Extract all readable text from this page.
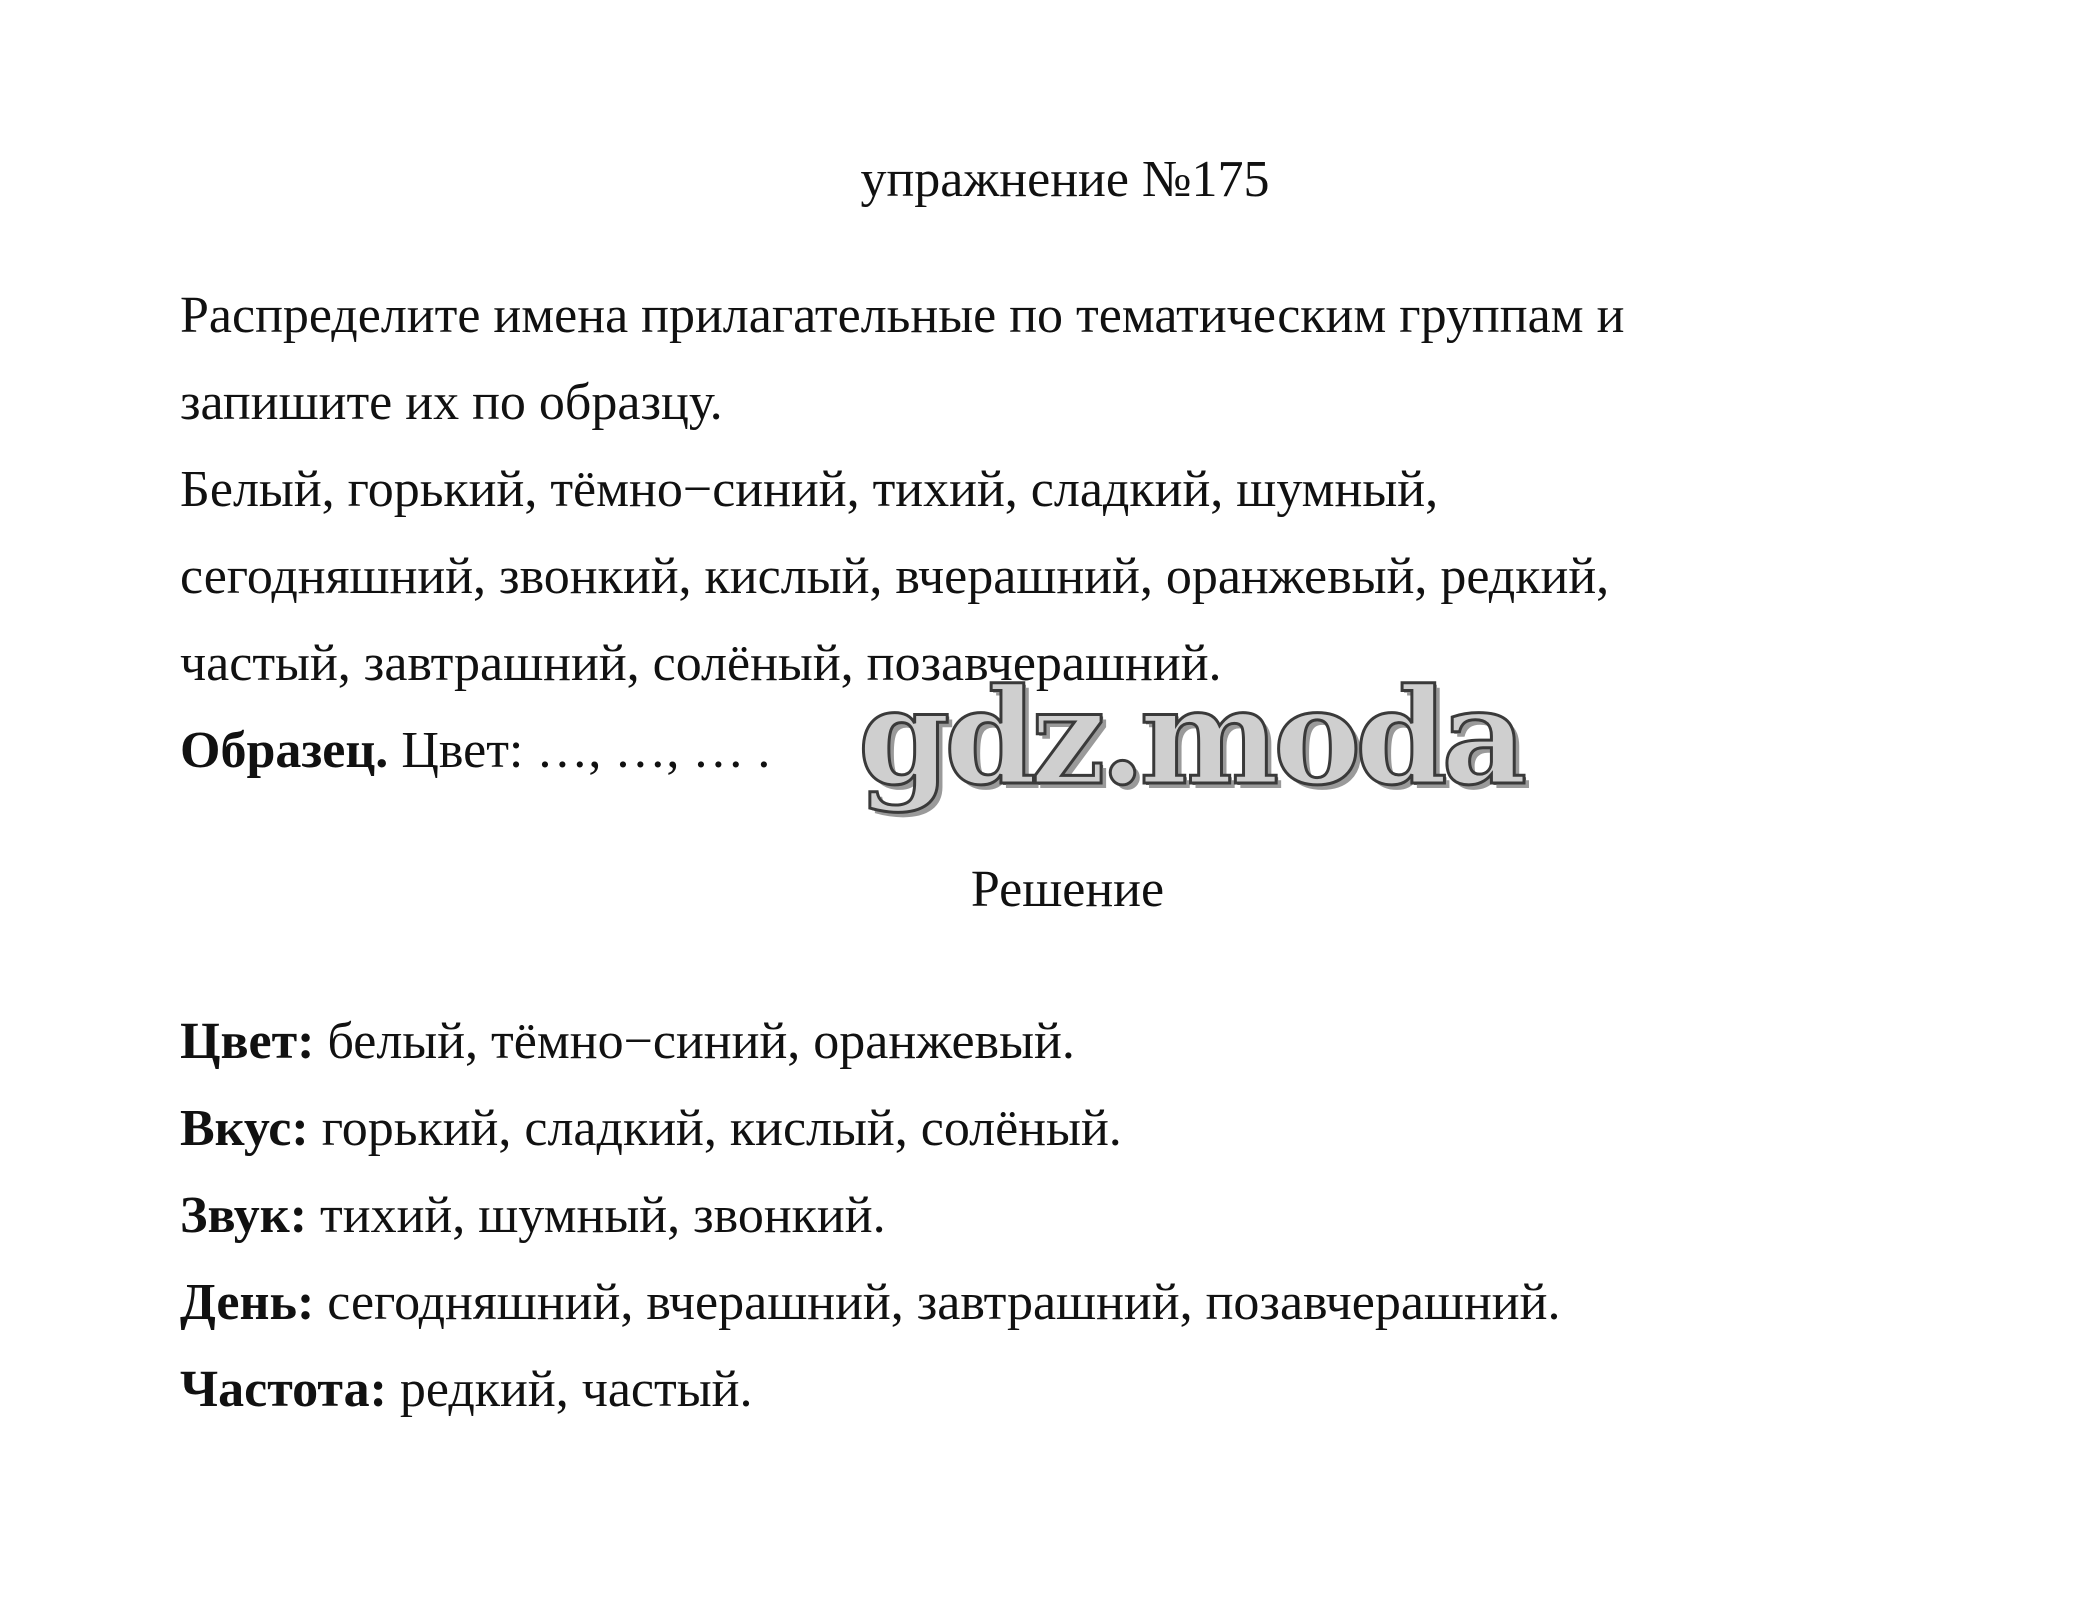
упражнение №175

Распределите имена прилагательные по тематическим группам и

запишите их по образцу.

Белый, горький, тёмно−синий, тихий, сладкий, шумный,

сегодняшний, звонкий, кислый, вчерашний, оранжевый, редкий,

частый, завтрашний, солёный, позавчерашний.

Образец. Цвет: …, …, … . gdz.moda
Решение

Цвет: белый, тёмно−синий, оранжевый.

Вкус: горький, сладкий, кислый, солёный.

Звук: тихий, шумный, звонкий.

День: сегодняшний, вчерашний, завтрашний, позавчерашний.

Частота: редкий, частый.
